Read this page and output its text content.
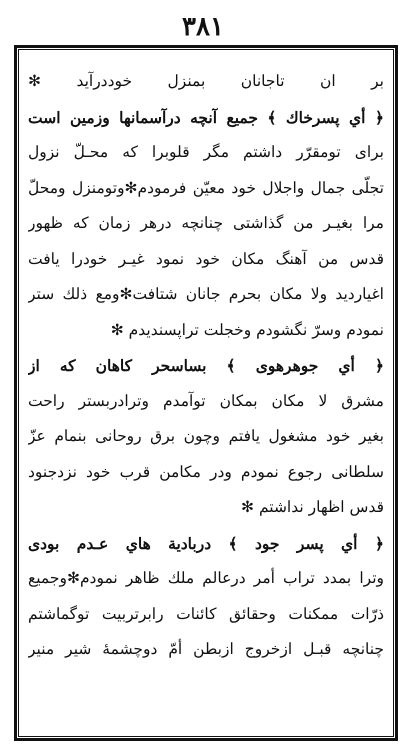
۳۸۱
بر ان تاجانان بمنزل خوددرآيد ✻
﴿ أي پسرخاك ﴾ جميع آنچه درآسمانها وزمين است
براى تومقرّر داشتم مگر قلوبرا كه محـلّ نزول
تجلّى جمال واجلال خود معيّن فرمودم✻وتومنزل ومحلّ
مرا بغيـر من گذاشتى چنانچه درهر زمان كه ظهور
قدس من آهنگ مكان خود نمود غيـر خودرا يافت
اغيارديد ولا مكان بحرم جانان شتافت✻ومع ذلك ستر
نمودم وسرّ نگشودم وخجلت تراپسنديدم ✻
﴿ أي جوهرهوى ﴾ بساسحر كاهان كه از
مشرق لا مكان بمكان توآمدم وترادربستر راحت
بغير خود مشغول يافتم وچون برق روحانى بنمام عزّ
سلطانى رجوع نمودم ودر مكامن قرب خود نزدجنود
قدس اظهار نداشتم ✻
﴿ أي پسر جود ﴾ دربادية هاي عـدم بودى
وترا بمدد تراب أمر درعالم ملك ظاهر نمودم✻وجميع
ذرّات ممكنات وحقائق كائنات رابرتربيت توگماشتم
چنانچه قبـل ازخروج ازبطن أمّ دوچشمهٔ شير منير
